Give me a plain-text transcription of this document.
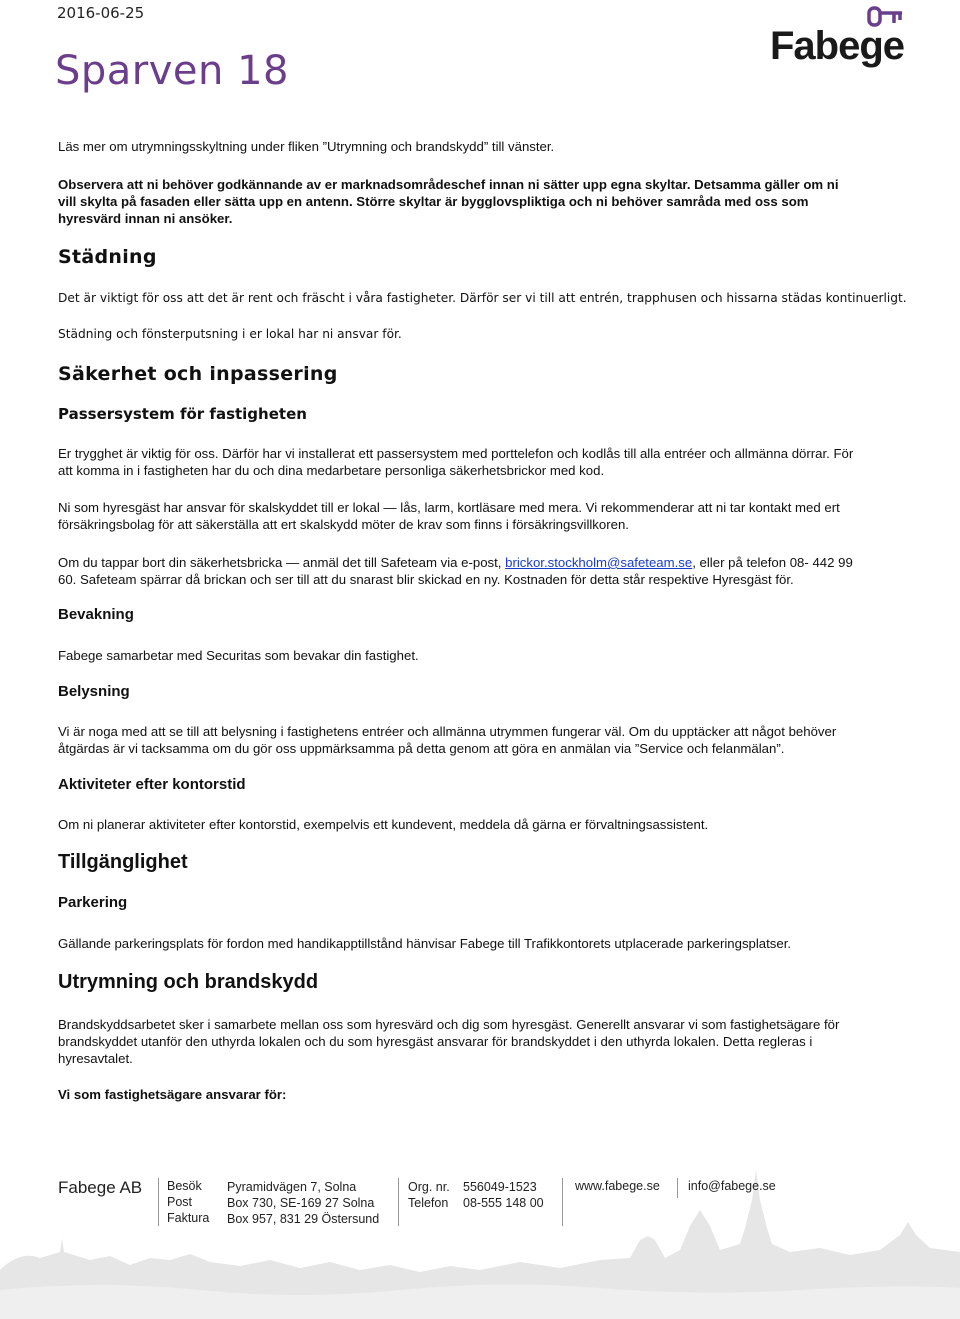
2016-06-25
Sparven 18
Fabege

Läs mer om utrymningsskyltning under fliken ”Utrymning och brandskydd” till vänster.

Observera att ni behöver godkännande av er marknadsområdeschef innan ni sätter upp egna skyltar. Detsamma gäller om ni

vill skylta på fasaden eller sätta upp en antenn. Större skyltar är bygglovspliktiga och ni behöver samråda med oss som

hyresvärd innan ni ansöker.

Städning

Det är viktigt för oss att det är rent och fräscht i våra fastigheter. Därför ser vi till att entrén, trapphusen och hissarna städas kontinuerligt.

Städning och fönsterputsning i er lokal har ni ansvar för.

Säkerhet och inpassering
Passersystem för fastigheten

Er trygghet är viktig för oss. Därför har vi installerat ett passersystem med porttelefon och kodlås till alla entréer och allmänna dörrar. För

att komma in i fastigheten har du och dina medarbetare personliga säkerhetsbrickor med kod.

Ni som hyresgäst har ansvar för skalskyddet till er lokal — lås, larm, kortläsare med mera. Vi rekommenderar att ni tar kontakt med ert

försäkringsbolag för att säkerställa att ert skalskydd möter de krav som finns i försäkringsvillkoren.

Om du tappar bort din säkerhetsbricka — anmäl det till Safeteam via e-post, brickor.stockholm@safeteam.se, eller på telefon 08- 442 99

60. Safeteam spärrar då brickan och ser till att du snarast blir skickad en ny. Kostnaden för detta står respektive Hyresgäst för.

Bevakning

Fabege samarbetar med Securitas som bevakar din fastighet.

Belysning

Vi är noga med att se till att belysning i fastighetens entréer och allmänna utrymmen fungerar väl. Om du upptäcker att något behöver

åtgärdas är vi tacksamma om du gör oss uppmärksamma på detta genom att göra en anmälan via ”Service och felanmälan”.

Aktiviteter efter kontorstid

Om ni planerar aktiviteter efter kontorstid, exempelvis ett kundevent, meddela då gärna er förvaltningsassistent.

Tillgänglighet
Parkering

Gällande parkeringsplats för fordon med handikapptillstånd hänvisar Fabege till Trafikkontorets utplacerade parkeringsplatser.

Utrymning och brandskydd

Brandskyddsarbetet sker i samarbete mellan oss som hyresvärd och dig som hyresgäst. Generellt ansvarar vi som fastighetsägare för

brandskyddet utanför den uthyrda lokalen och du som hyresgäst ansvarar för brandskyddet i den uthyrda lokalen. Detta regleras i

hyresavtalet.

Vi som fastighetsägare ansvarar för:

Fabege AB Besök
Post
Faktura
Pyramidvägen 7, Solna
Box 730, SE-169 27 Solna
Box 957, 831 29 Östersund
Org. nr. 556049-1523
Telefon 08-555 148 00
www.fabege.se info@fabege.se
